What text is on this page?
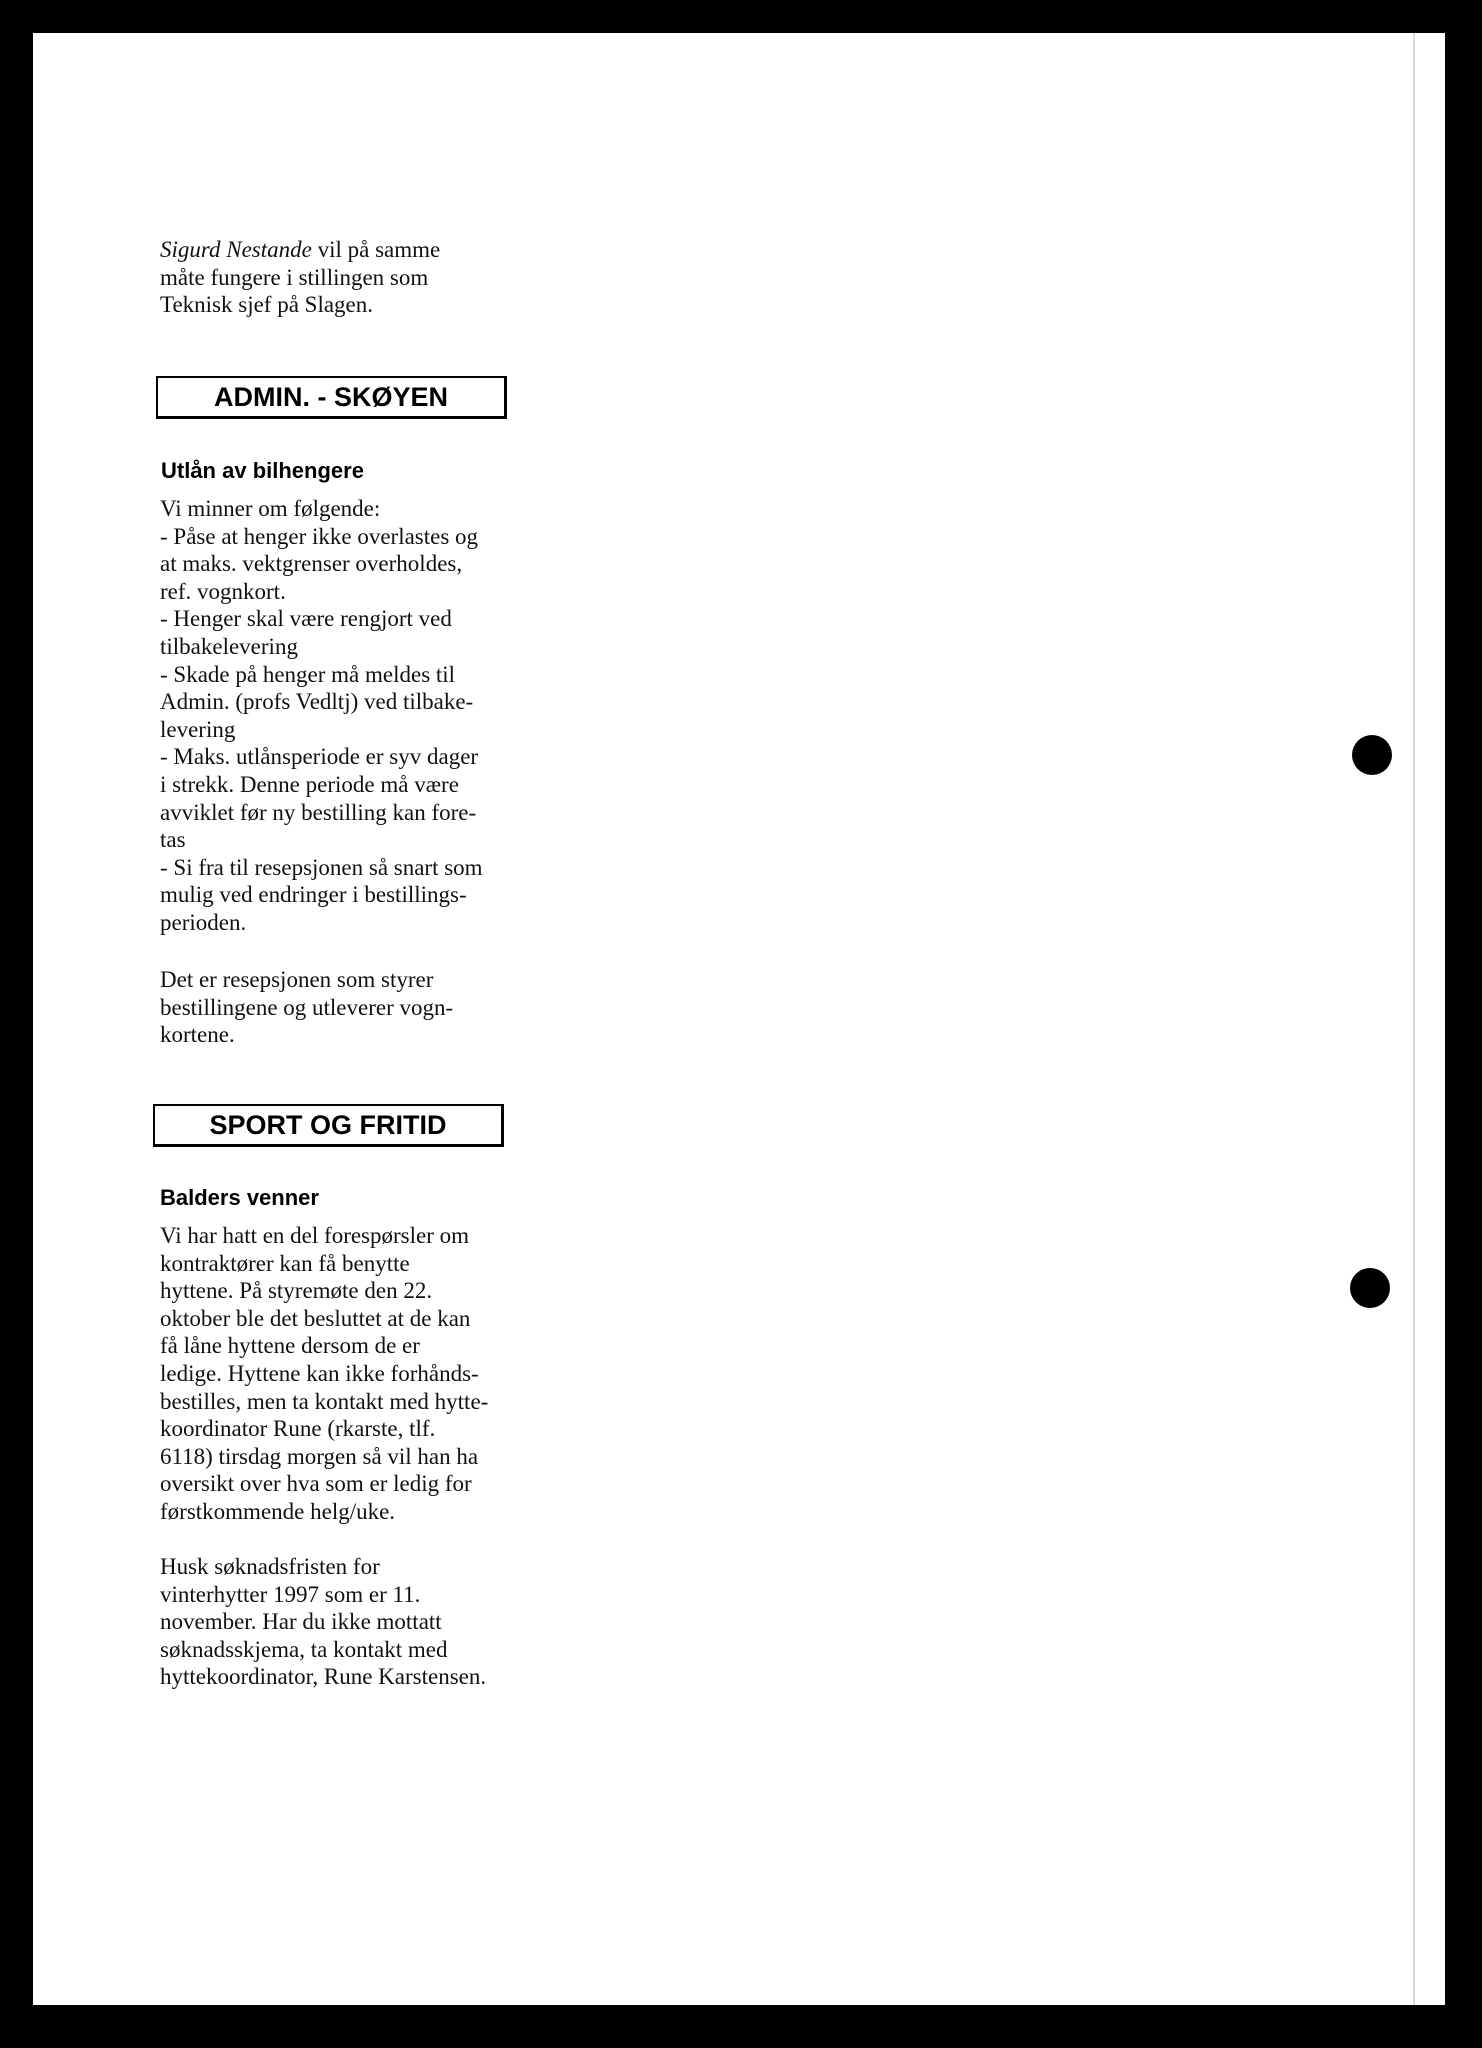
Sigurd Nestande vil på samme
måte fungere i stillingen som
Teknisk sjef på Slagen.

ADMIN. - SKØYEN
Utlån av bilhengere

Vi minner om følgende:
- Påse at henger ikke overlastes og
at maks. vektgrenser overholdes,
ref. vognkort.
- Henger skal være rengjort ved
tilbakelevering
- Skade på henger må meldes til
Admin. (profs Vedltj) ved tilbake-
levering
- Maks. utlånsperiode er syv dager
i strekk. Denne periode må være
avviklet før ny bestilling kan fore-
tas
- Si fra til resepsjonen så snart som
mulig ved endringer i bestillings-
perioden.

Det er resepsjonen som styrer
bestillingene og utleverer vogn-
kortene.

SPORT OG FRITID
Balders venner

Vi har hatt en del forespørsler om
kontraktører kan få benytte
hyttene. På styremøte den 22.
oktober ble det besluttet at de kan
få låne hyttene dersom de er
ledige. Hyttene kan ikke forhånds-
bestilles, men ta kontakt med hytte-
koordinator Rune (rkarste, tlf.
6118) tirsdag morgen så vil han ha
oversikt over hva som er ledig for
førstkommende helg/uke.

Husk søknadsfristen for
vinterhytter 1997 som er 11.
november. Har du ikke mottatt
søknadsskjema, ta kontakt med
hyttekoordinator, Rune Karstensen.
